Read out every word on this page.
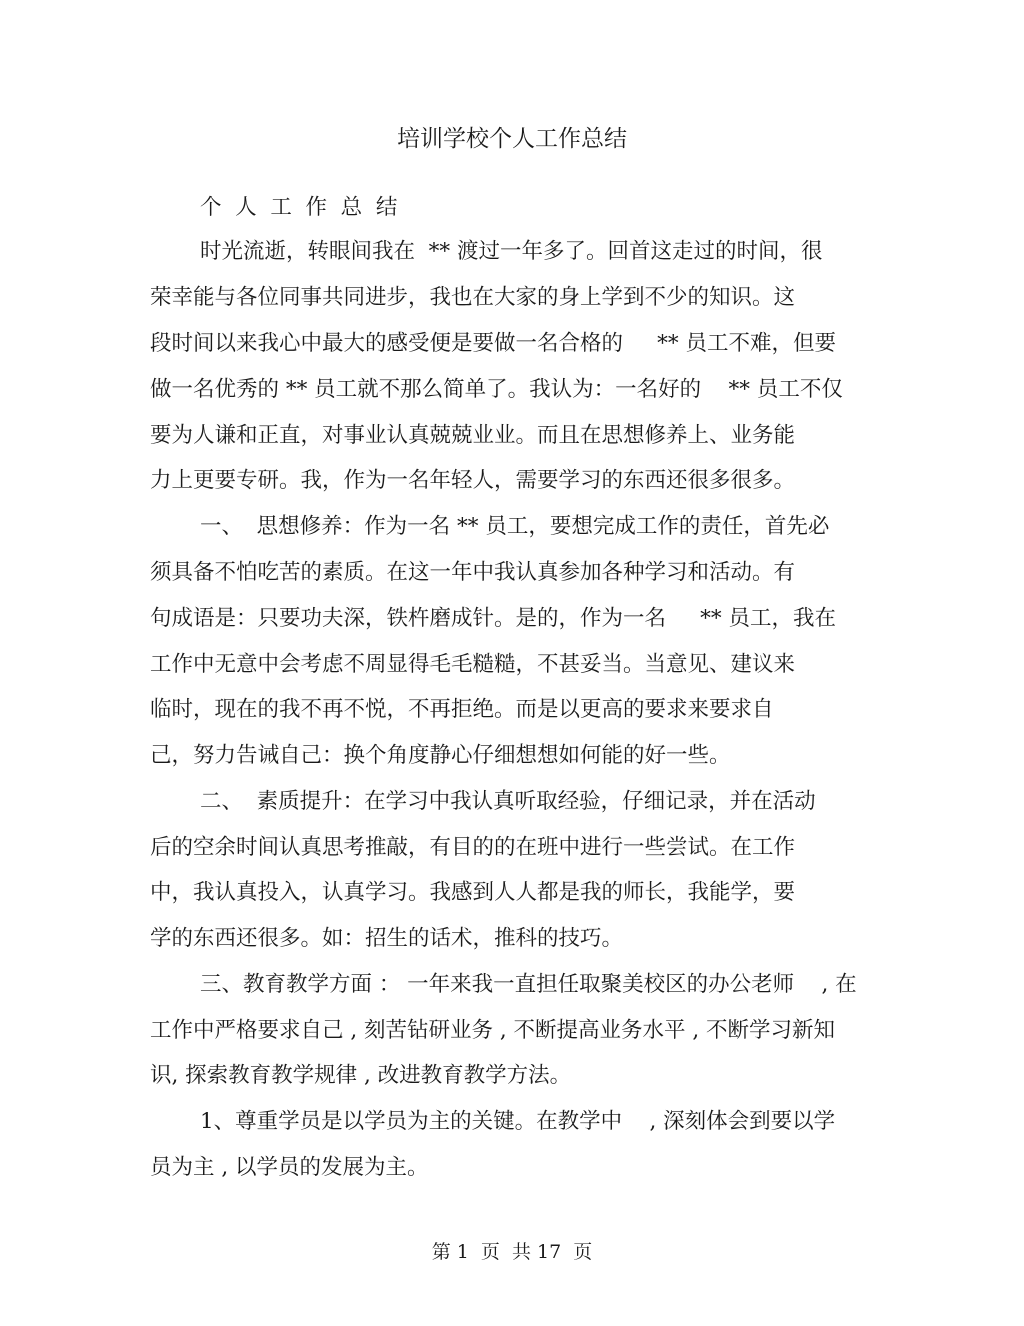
培训学校个人工作总结
个  人  工  作  总  结
时光流逝，转眼间我在  ** 渡过一年多了。回首这走过的时间，很
荣幸能与各位同事共同进步，我也在大家的身上学到不少的知识。这
段时间以来我心中最大的感受便是要做一名合格的     ** 员工不难，但要
做一名优秀的 ** 员工就不那么简单了。我认为：一名好的    ** 员工不仅
要为人谦和正直，对事业认真兢兢业业。而且在思想修养上、业务能
力上更要专研。我，作为一名年轻人，需要学习的东西还很多很多。
一、  思想修养：作为一名 ** 员工，要想完成工作的责任，首先必
须具备不怕吃苦的素质。在这一年中我认真参加各种学习和活动。有
句成语是：只要功夫深，铁杵磨成针。是的，作为一名     ** 员工，我在
工作中无意中会考虑不周显得毛毛糙糙，不甚妥当。当意见、建议来
临时，现在的我不再不悦，不再拒绝。而是以更高的要求来要求自
己，努力告诫自己：换个角度静心仔细想想如何能的好一些。
二、  素质提升：在学习中我认真听取经验，仔细记录，并在活动
后的空余时间认真思考推敲，有目的的在班中进行一些尝试。在工作
中，我认真投入，认真学习。我感到人人都是我的师长，我能学，要
学的东西还很多。如：招生的话术，推科的技巧。
三、教育教学方面 ： 一年来我一直担任取聚美校区的办公老师    , 在
工作中严格要求自己 , 刻苦钻研业务 , 不断提高业务水平 , 不断学习新知
识, 探索教育教学规律 , 改进教育教学方法。
1、尊重学员是以学员为主的关键。在教学中    , 深刻体会到要以学
员为主 , 以学员的发展为主。
第 1  页  共 17  页
